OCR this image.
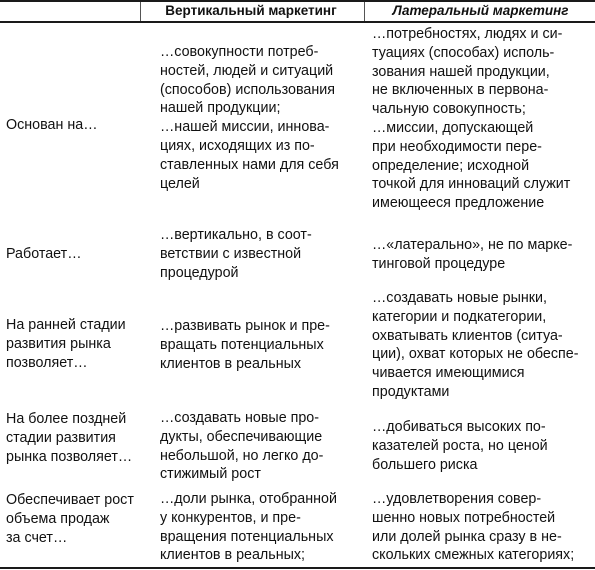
Вертикальный маркетинг	Латеральный маркетинг
Основан на…
…совокупности потреб-
ностей, людей и ситуаций
(способов) использования
нашей продукции;
…нашей миссии, иннова-
циях, исходящих из по-
ставленных нами для себя
целей
…потребностях, людях и си-
туациях (способах) исполь-
зования нашей продукции,
не включенных в первона-
чальную совокупность;
…миссии, допускающей
при необходимости пере-
определение; исходной
точкой для инноваций служит
имеющееся предложение
Работает…
…вертикально, в соот-
ветствии с известной
процедурой
…«латерально», не по марке-
тинговой процедуре
На ранней стадии
развития рынка
позволяет…
…развивать рынок и пре-
вращать потенциальных
клиентов в реальных
…создавать новые рынки,
категории и подкатегории,
охватывать клиентов (ситуа-
ции), охват которых не обеспе-
чивается имеющимися
продуктами
На более поздней
стадии развития
рынка позволяет…
…создавать новые про-
дукты, обеспечивающие
небольшой, но легко до-
стижимый рост
…добиваться высоких по-
казателей роста, но ценой
большего риска
Обеспечивает рост
объема продаж
за счет…
…доли рынка, отобранной
у конкурентов, и пре-
вращения потенциальных
клиентов в реальных;
…удовлетворения совер-
шенно новых потребностей
или долей рынка сразу в не-
скольких смежных категориях;
